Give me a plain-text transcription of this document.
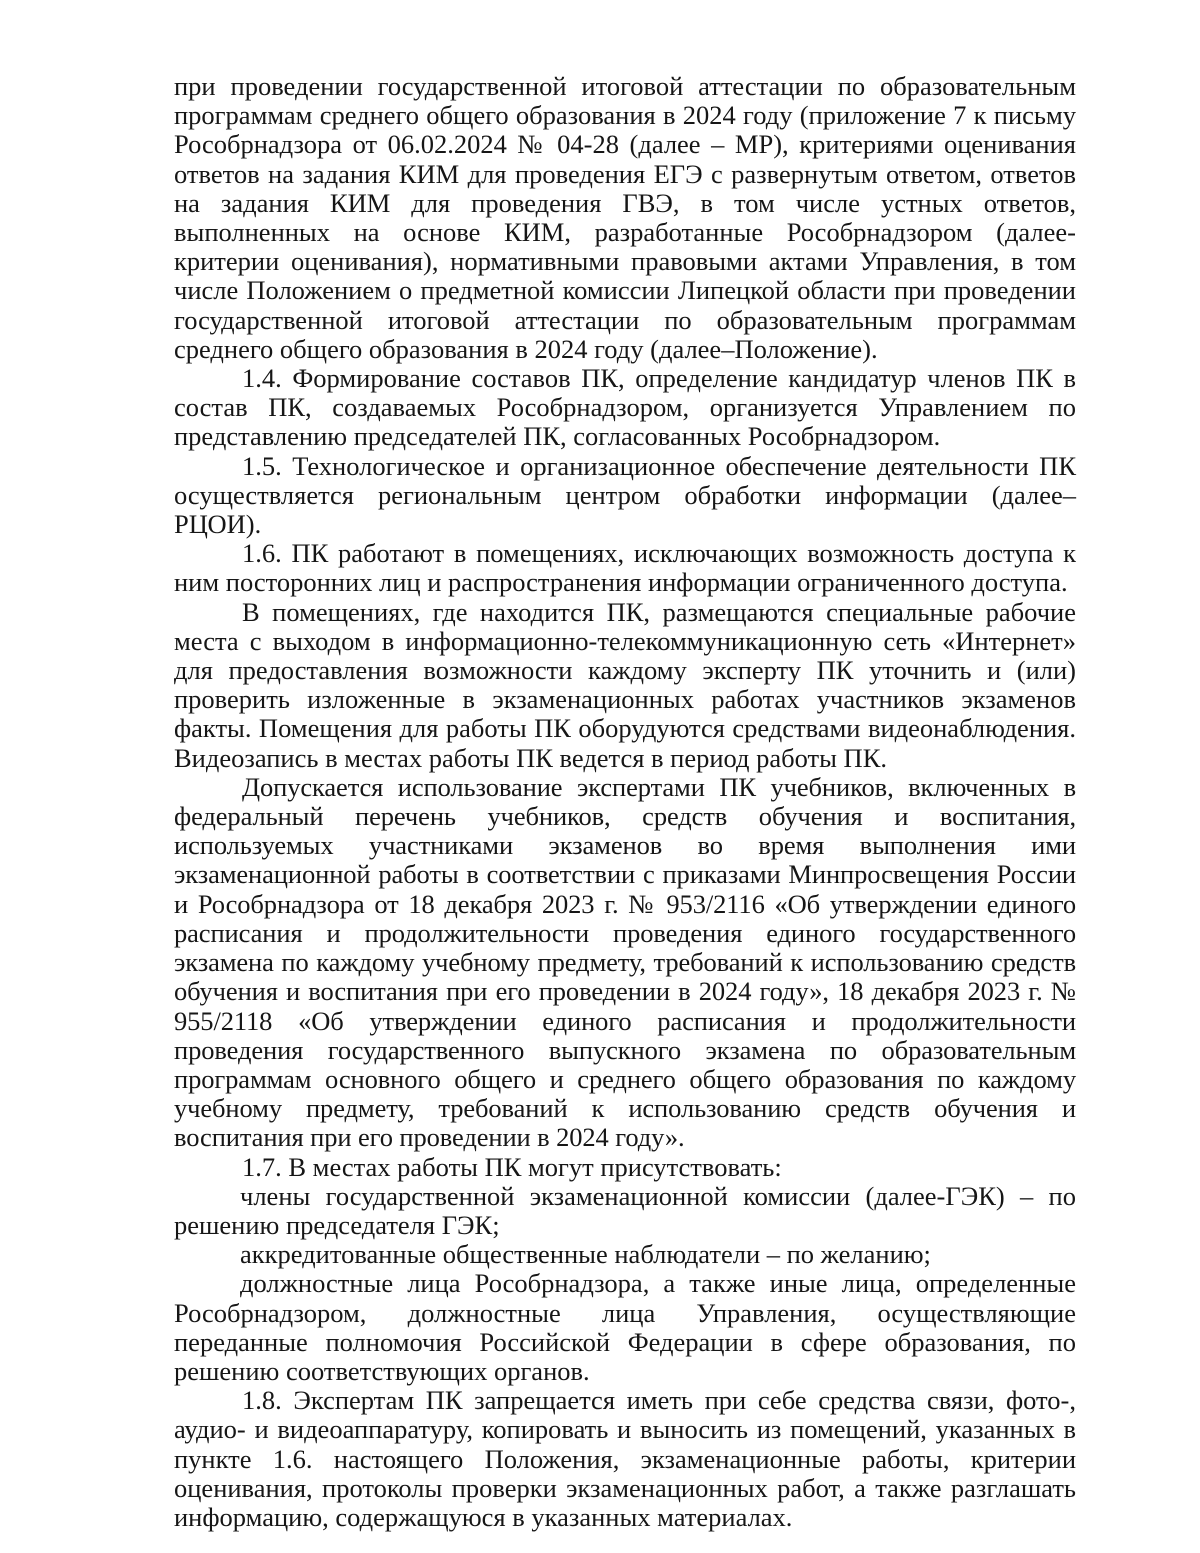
при проведении государственной итоговой аттестации по образовательным программам среднего общего образования в 2024 году (приложение 7 к письму Рособрнадзора от 06.02.2024 № 04-28 (далее – МР), критериями оценивания ответов на задания КИМ для проведения ЕГЭ с развернутым ответом, ответов на задания КИМ для проведения ГВЭ, в том числе устных ответов, выполненных на основе КИМ, разработанные Рособрнадзором (далее-критерии оценивания), нормативными правовыми актами Управления, в том числе Положением о предметной комиссии Липецкой области при проведении государственной итоговой аттестации по образовательным программам среднего общего образования в 2024 году (далее–Положение).

1.4. Формирование составов ПК, определение кандидатур членов ПК в состав ПК, создаваемых Рособрнадзором, организуется Управлением по представлению председателей ПК, согласованных Рособрнадзором.

1.5. Технологическое и организационное обеспечение деятельности ПК осуществляется региональным центром обработки информации (далее–РЦОИ).

1.6. ПК работают в помещениях, исключающих возможность доступа к ним посторонних лиц и распространения информации ограниченного доступа.

В помещениях, где находится ПК, размещаются специальные рабочие места с выходом в информационно-телекоммуникационную сеть «Интернет» для предоставления возможности каждому эксперту ПК уточнить и (или) проверить изложенные в экзаменационных работах участников экзаменов факты. Помещения для работы ПК оборудуются средствами видеонаблюдения. Видеозапись в местах работы ПК ведется в период работы ПК.

Допускается использование экспертами ПК учебников, включенных в федеральный перечень учебников, средств обучения и воспитания, используемых участниками экзаменов во время выполнения ими экзаменационной работы в соответствии с приказами Минпросвещения России и Рособрнадзора от 18 декабря 2023 г. № 953/2116 «Об утверждении единого расписания и продолжительности проведения единого государственного экзамена по каждому учебному предмету, требований к использованию средств обучения и воспитания при его проведении в 2024 году», 18 декабря 2023 г. № 955/2118 «Об утверждении единого расписания и продолжительности проведения государственного выпускного экзамена по образовательным программам основного общего и среднего общего образования по каждому учебному предмету, требований к использованию средств обучения и воспитания при его проведении в 2024 году».

1.7. В местах работы ПК могут присутствовать:

члены государственной экзаменационной комиссии (далее-ГЭК) – по решению председателя ГЭК;

аккредитованные общественные наблюдатели – по желанию;

должностные лица Рособрнадзора, а также иные лица, определенные Рособрнадзором, должностные лица Управления, осуществляющие переданные полномочия Российской Федерации в сфере образования, по решению соответствующих органов.

1.8. Экспертам ПК запрещается иметь при себе средства связи, фото-, аудио- и видеоаппаратуру, копировать и выносить из помещений, указанных в пункте 1.6. настоящего Положения, экзаменационные работы, критерии оценивания, протоколы проверки экзаменационных работ, а также разглашать информацию, содержащуюся в указанных материалах.
